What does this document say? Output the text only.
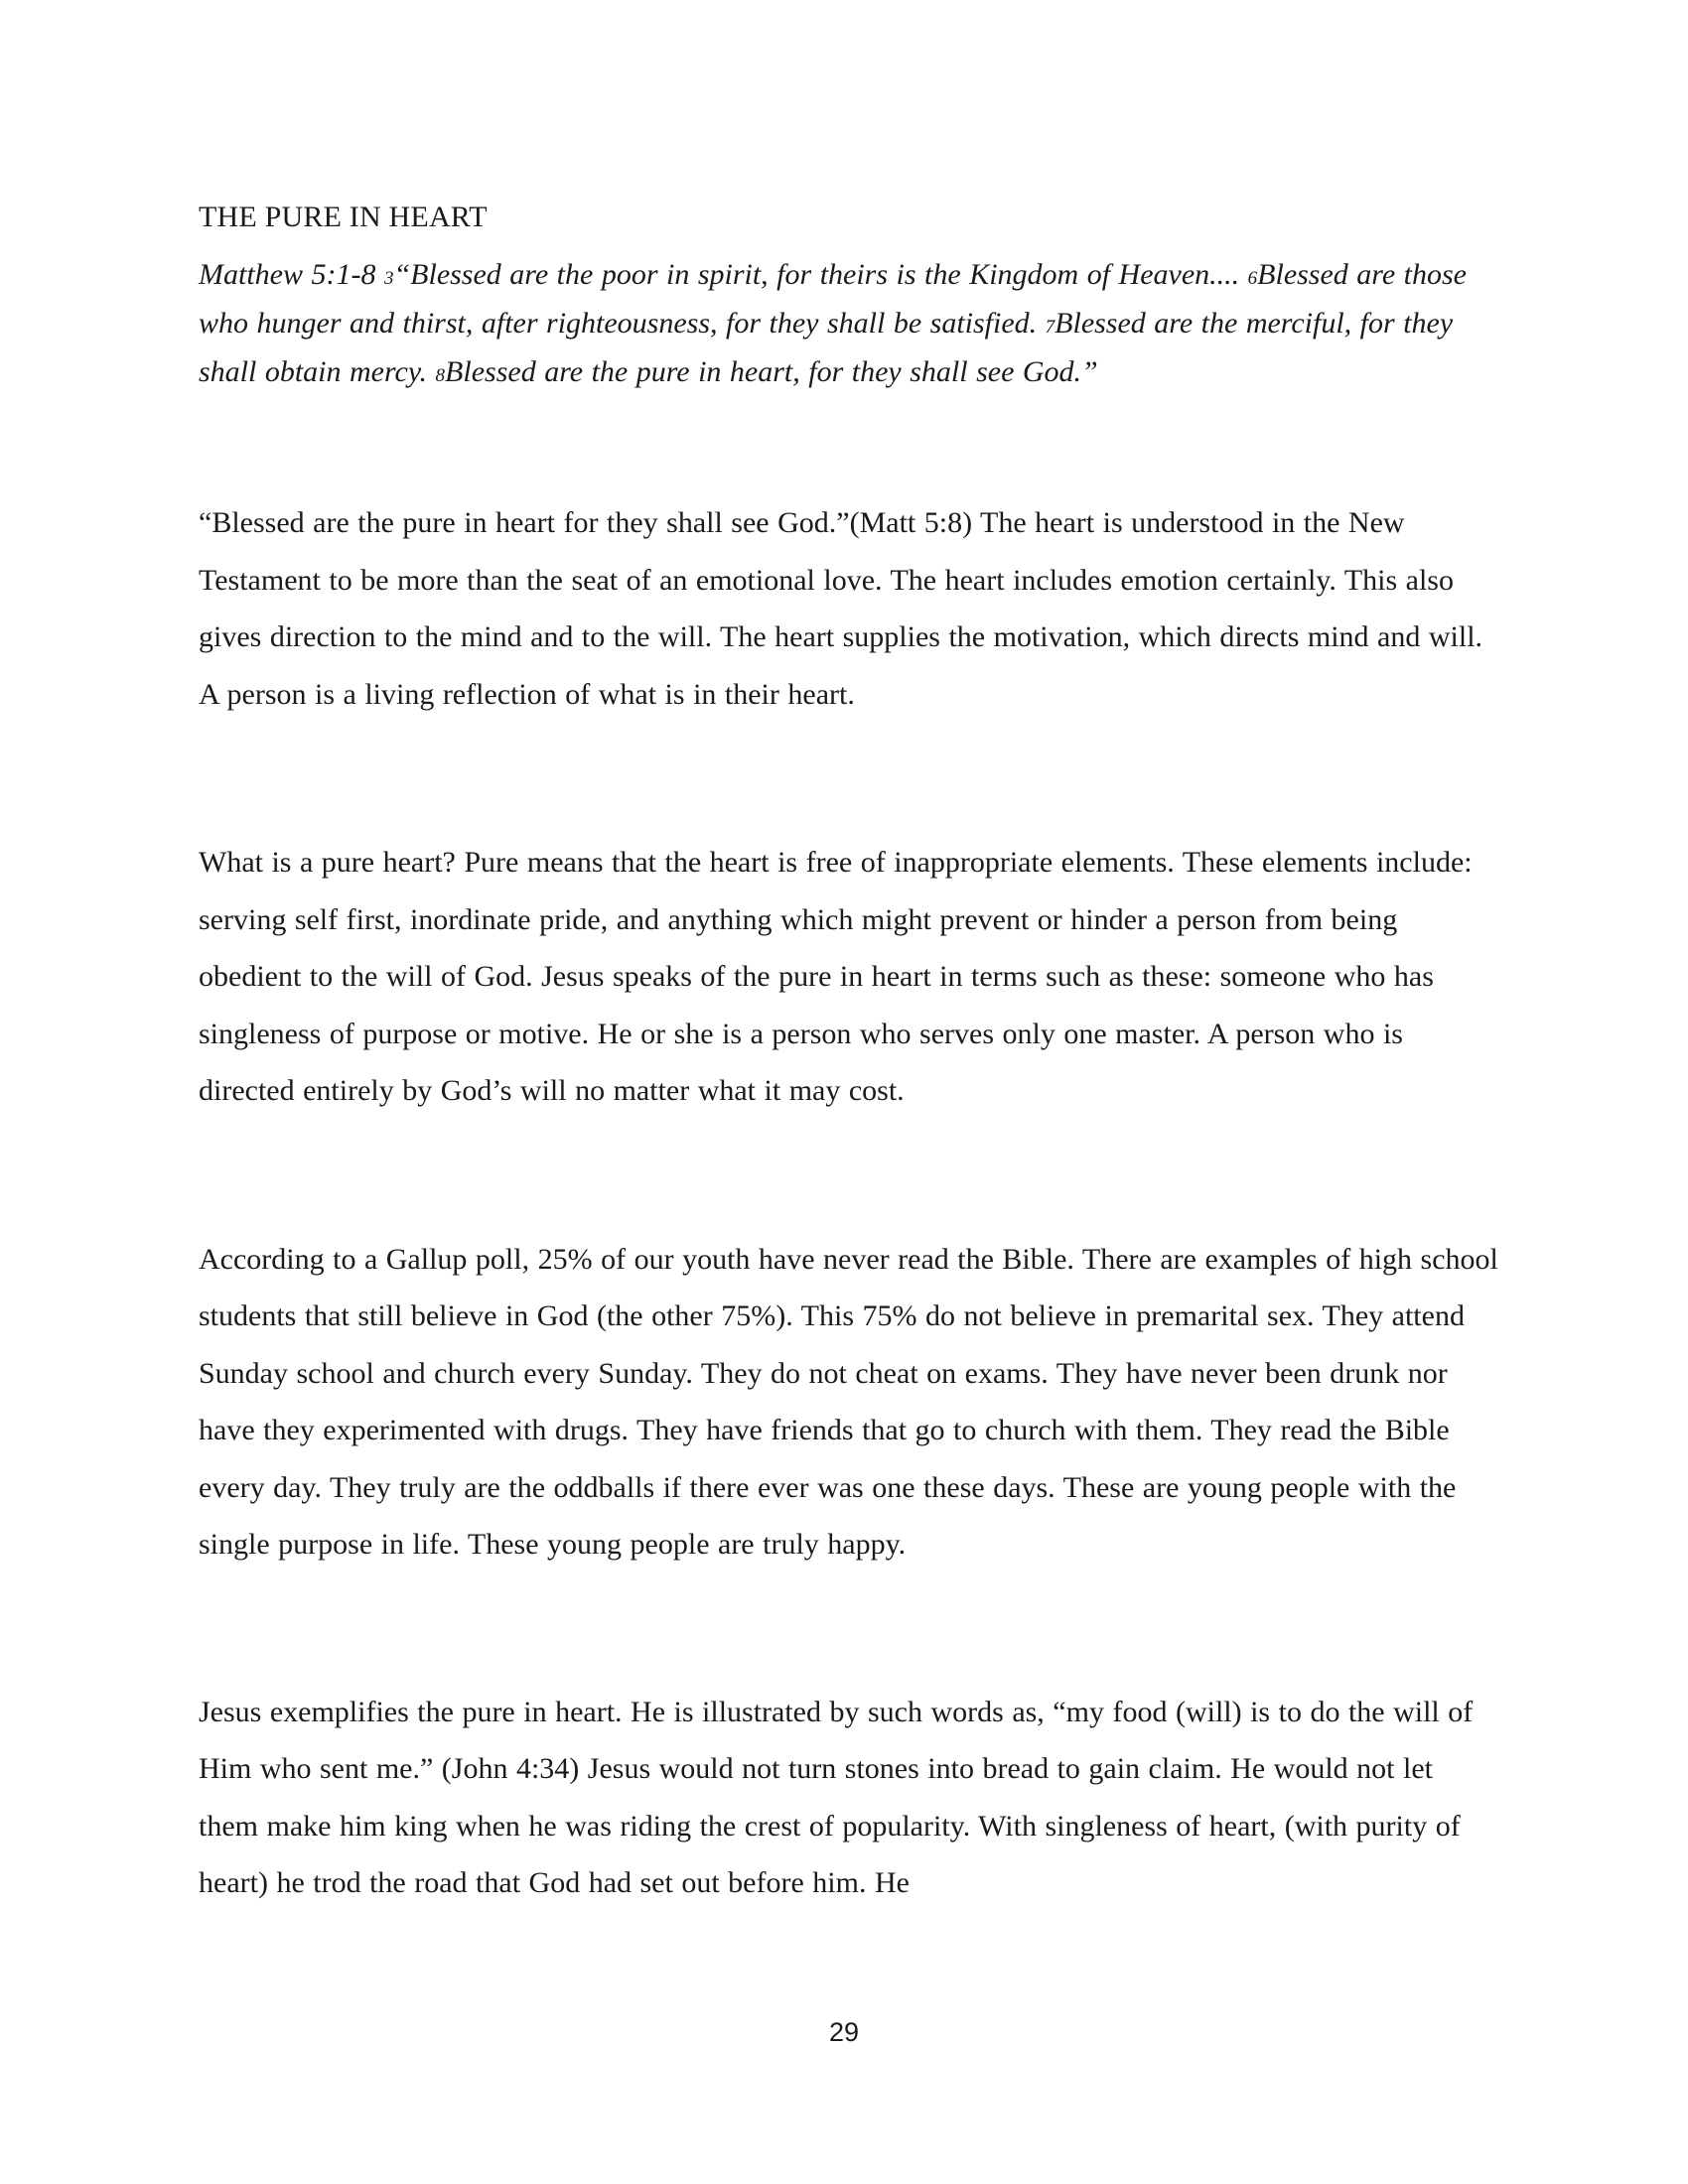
THE PURE IN HEART

Matthew 5:1-8 3“Blessed are the poor in spirit, for theirs is the Kingdom of Heaven.... 6Blessed are those who hunger and thirst, after righteousness, for they shall be satisfied. 7Blessed are the merciful, for they shall obtain mercy. 8Blessed are the pure in heart, for they shall see God.”

“Blessed are the pure in heart for they shall see God.”(Matt 5:8) The heart is understood in the New Testament to be more than the seat of an emotional love. The heart includes emotion certainly. This also gives direction to the mind and to the will. The heart supplies the motivation, which directs mind and will. A person is a living reflection of what is in their heart.

What is a pure heart? Pure means that the heart is free of inappropriate elements. These elements include: serving self first, inordinate pride, and anything which might prevent or hinder a person from being obedient to the will of God. Jesus speaks of the pure in heart in terms such as these: someone who has singleness of purpose or motive. He or she is a person who serves only one master. A person who is directed entirely by God’s will no matter what it may cost.

According to a Gallup poll, 25% of our youth have never read the Bible. There are examples of high school students that still believe in God (the other 75%). This 75% do not believe in premarital sex. They attend Sunday school and church every Sunday. They do not cheat on exams. They have never been drunk nor have they experimented with drugs. They have friends that go to church with them. They read the Bible every day. They truly are the oddballs if there ever was one these days. These are young people with the single purpose in life. These young people are truly happy.

Jesus exemplifies the pure in heart. He is illustrated by such words as, “my food (will) is to do the will of Him who sent me.” (John 4:34) Jesus would not turn stones into bread to gain claim. He would not let them make him king when he was riding the crest of popularity. With singleness of heart, (with purity of heart) he trod the road that God had set out before him. He

29
